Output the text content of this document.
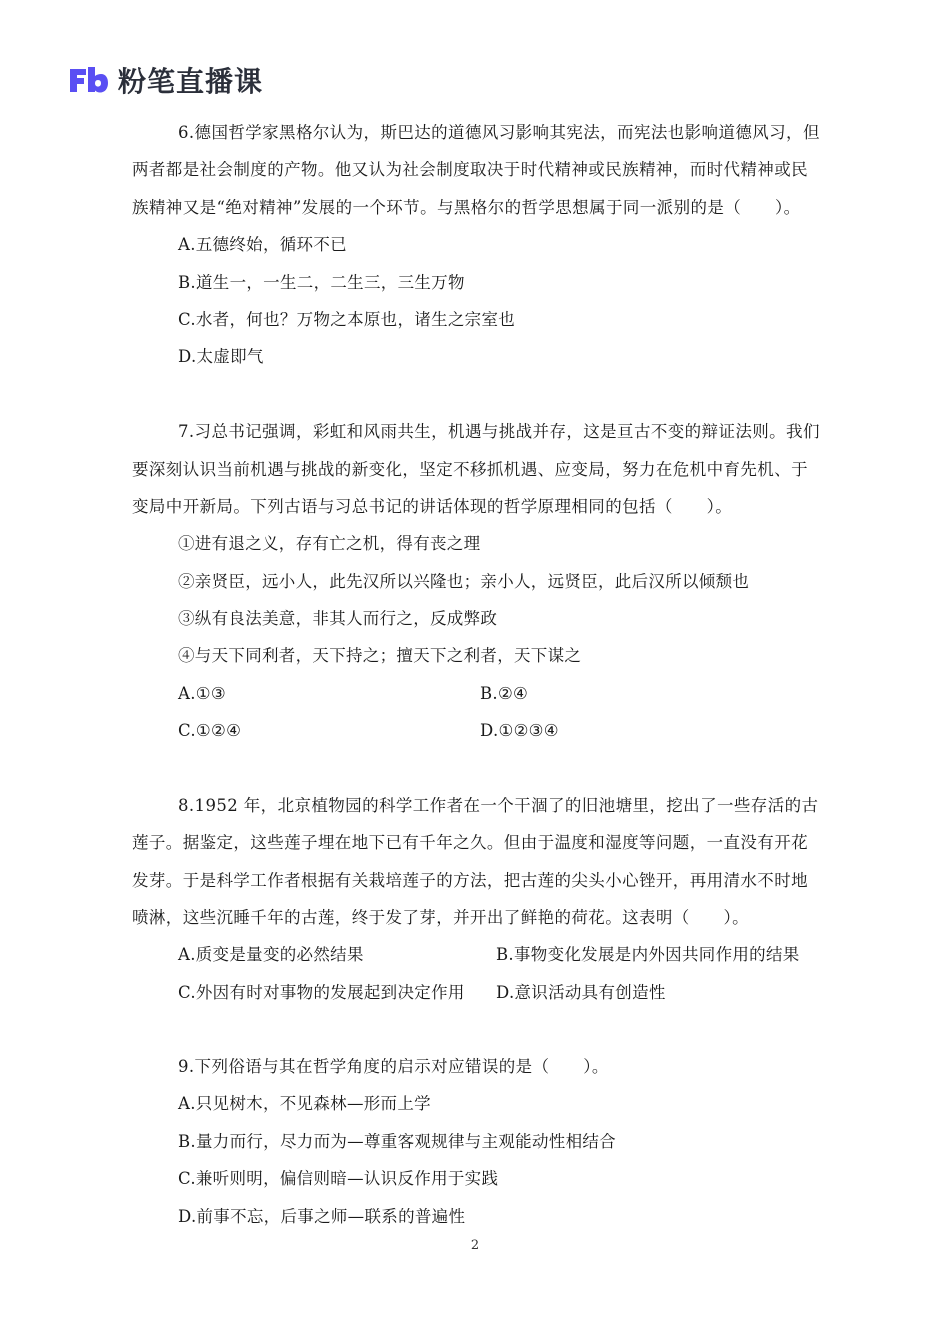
粉笔直播课
6.德国哲学家黑格尔认为，斯巴达的道德风习影响其宪法，而宪法也影响道德风习，但
两者都是社会制度的产物。他又认为社会制度取决于时代精神或民族精神，而时代精神或民
族精神又是“绝对精神”发展的一个环节。与黑格尔的哲学思想属于同一派别的是（　　）。
A.五德终始，循环不已
B.道生一，一生二，二生三，三生万物
C.水者，何也？万物之本原也，诸生之宗室也
D.太虚即气
7.习总书记强调，彩虹和风雨共生，机遇与挑战并存，这是亘古不变的辩证法则。我们
要深刻认识当前机遇与挑战的新变化，坚定不移抓机遇、应变局，努力在危机中育先机、于
变局中开新局。下列古语与习总书记的讲话体现的哲学原理相同的包括（　　）。
①进有退之义，存有亡之机，得有丧之理
②亲贤臣，远小人，此先汉所以兴隆也；亲小人，远贤臣，此后汉所以倾颓也
③纵有良法美意，非其人而行之，反成弊政
④与天下同利者，天下持之；擅天下之利者，天下谋之
A.①③	B.②④
C.①②④	D.①②③④
8.1952 年，北京植物园的科学工作者在一个干涸了的旧池塘里，挖出了一些存活的古
莲子。据鉴定，这些莲子埋在地下已有千年之久。但由于温度和湿度等问题，一直没有开花
发芽。于是科学工作者根据有关栽培莲子的方法，把古莲的尖头小心锉开，再用清水不时地
喷淋，这些沉睡千年的古莲，终于发了芽，并开出了鲜艳的荷花。这表明（　　）。
A.质变是量变的必然结果	B.事物变化发展是内外因共同作用的结果
C.外因有时对事物的发展起到决定作用 D.意识活动具有创造性
9.下列俗语与其在哲学角度的启示对应错误的是（　　）。
A.只见树木，不见森林—形而上学
B.量力而行，尽力而为—尊重客观规律与主观能动性相结合
C.兼听则明，偏信则暗—认识反作用于实践
D.前事不忘，后事之师—联系的普遍性
2
